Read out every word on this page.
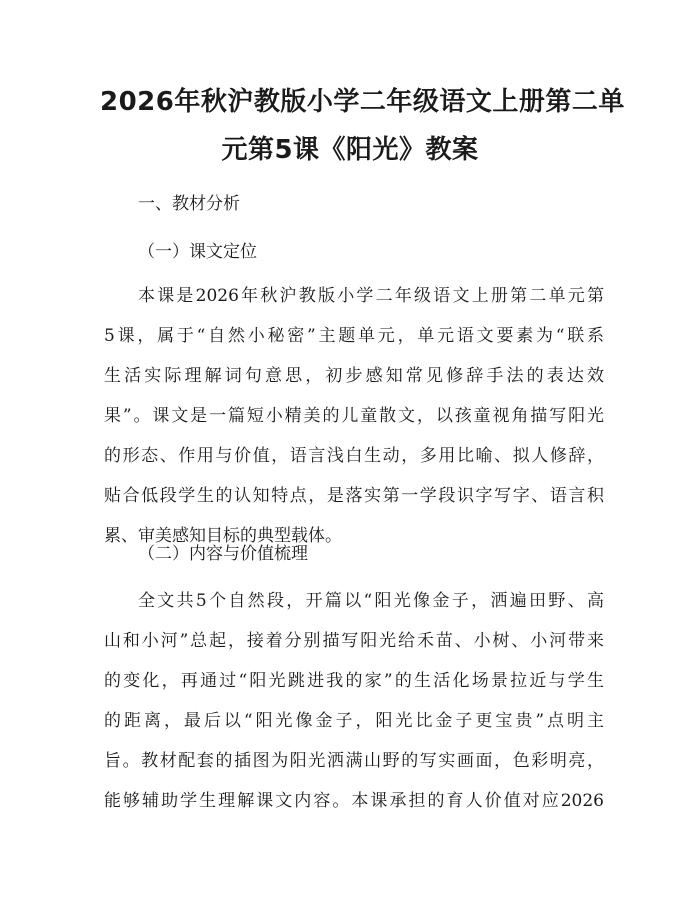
2026年秋沪教版小学二年级语文上册第二单
元第5课《阳光》教案
一、教材分析
（一）课文定位
本课是2026年秋沪教版小学二年级语文上册第二单元第
5课，属于“自然小秘密”主题单元，单元语文要素为“联系
生活实际理解词句意思，初步感知常见修辞手法的表达效
果”。课文是一篇短小精美的儿童散文，以孩童视角描写阳光
的形态、作用与价值，语言浅白生动，多用比喻、拟人修辞，
贴合低段学生的认知特点，是落实第一学段识字写字、语言积
累、审美感知目标的典型载体。
（二）内容与价值梳理
全文共5个自然段，开篇以“阳光像金子，洒遍田野、高
山和小河”总起，接着分别描写阳光给禾苗、小树、小河带来
的变化，再通过“阳光跳进我的家”的生活化场景拉近与学生
的距离，最后以“阳光像金子，阳光比金子更宝贵”点明主
旨。教材配套的插图为阳光洒满山野的写实画面，色彩明亮，
能够辅助学生理解课文内容。本课承担的育人价值对应2026
